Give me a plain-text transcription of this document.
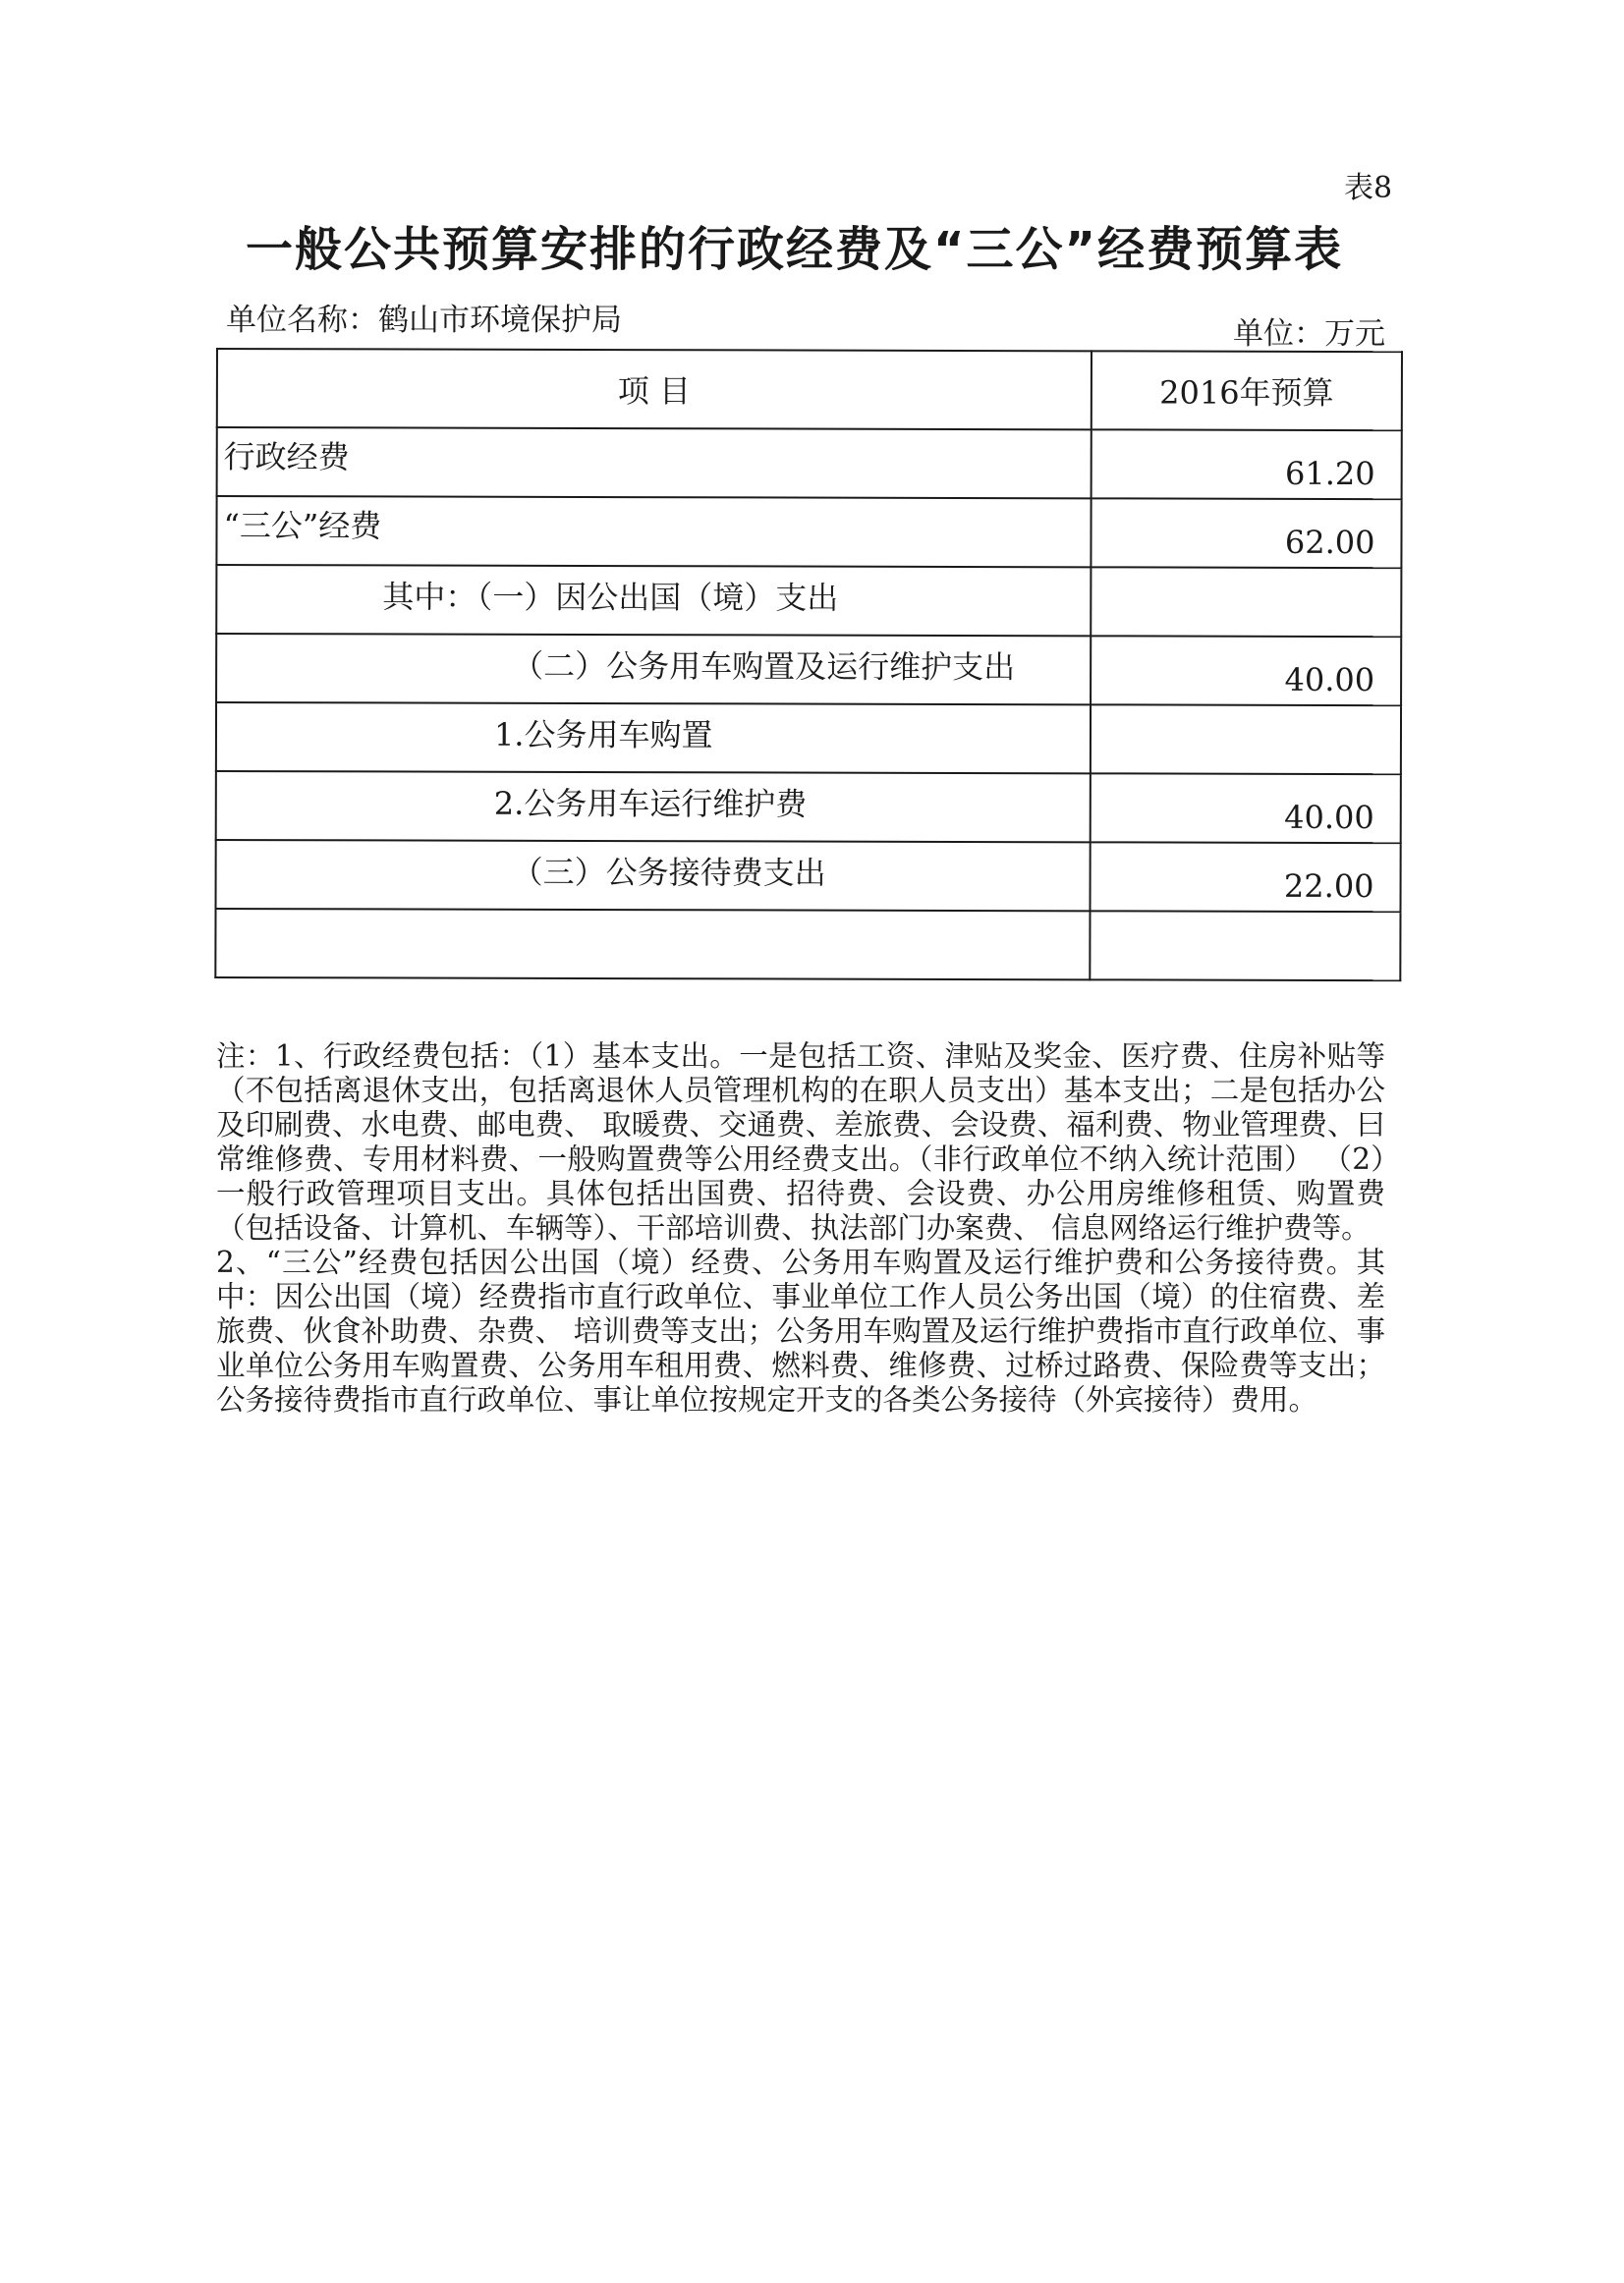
表8
一般公共预算安排的行政经费及“三公”经费预算表
单位名称：鹤山市环境保护局	单位：万元
项 目	2016年预算
行政经费	61.20
“三公”经费	62.00
其中：（一）因公出国（境）支出	
（二）公务用车购置及运行维护支出	40.00
1.公务用车购置	
2.公务用车运行维护费	40.00
（三）公务接待费支出	22.00

注：1、行政经费包括：（1）基本支出。一是包括工资、津贴及奖金、医疗费、住房补贴等（不包括离退休支出，包括离退休人员管理机构的在职人员支出）基本支出；二是包括办公及印刷费、水电费、邮电费、 取暖费、交通费、差旅费、会设费、福利费、物业管理费、曰常维修费、专用材料费、一般购置费等公用经费支出。（非行政单位不纳入统计范围） （2）一般行政管理项目支出。具体包括出国费、招待费、会设费、办公用房维修租赁、购置费（包括设备、计算机、车辆等）、干部培训费、执法部门办案费、 信息网络运行维护费等。

2、“三公”经费包括因公出国（境）经费、公务用车购置及运行维护费和公务接待费。其中：因公出国（境）经费指市直行政单位、事业单位工作人员公务出国（境）的住宿费、差旅费、伙食补助费、杂费、 培训费等支出；公务用车购置及运行维护费指市直行政单位、事业单位公务用车购置费、公务用车租用费、燃料费、维修费、过桥过路费、保险费等支出；公务接待费指市直行政单位、事让单位按规定开支的各类公务接待（外宾接待）费用。
